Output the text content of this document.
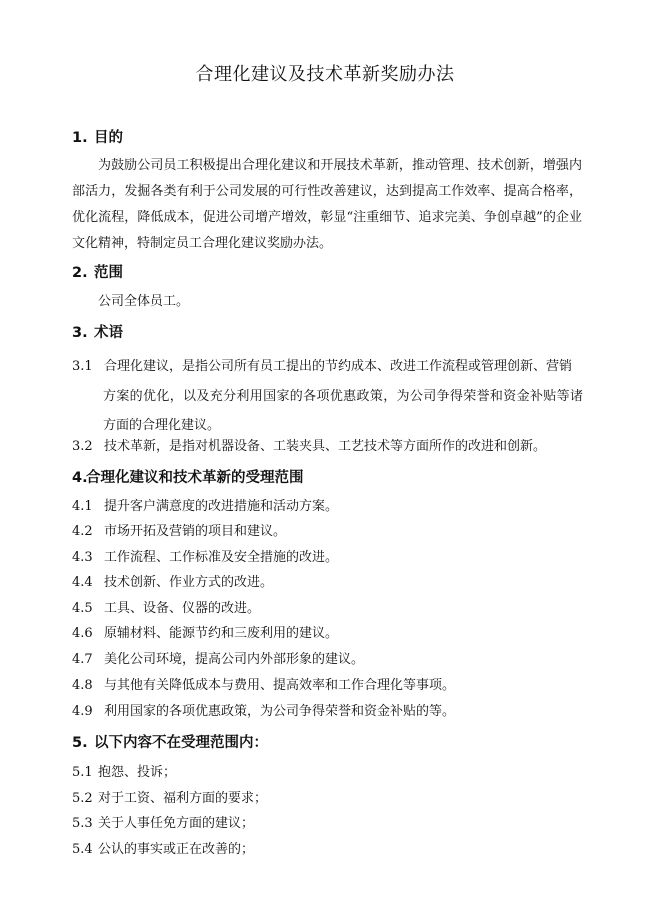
合理化建议及技术革新奖励办法
1. 目的
为鼓励公司员工积极提出合理化建议和开展技术革新，推动管理、技术创新，增强内部活力，发掘各类有利于公司发展的可行性改善建议，达到提高工作效率、提高合格率，优化流程，降低成本，促进公司增产增效，彰显“注重细节、追求完美、争创卓越”的企业文化精神，特制定员工合理化建议奖励办法。
2. 范围
公司全体员工。
3. 术语
3.1 合理化建议，是指公司所有员工提出的节约成本、改进工作流程或管理创新、营销
方案的优化，以及充分利用国家的各项优惠政策，为公司争得荣誉和资金补贴等诸方面的合理化建议。
3.2 技术革新，是指对机器设备、工装夹具、工艺技术等方面所作的改进和创新。
4.合理化建议和技术革新的受理范围
4.1 提升客户满意度的改进措施和活动方案。
4.2 市场开拓及营销的项目和建议。
4.3 工作流程、工作标准及安全措施的改进。
4.4 技术创新、作业方式的改进。
4.5 工具、设备、仪器的改进。
4.6 原辅材料、能源节约和三废利用的建议。
4.7 美化公司环境，提高公司内外部形象的建议。
4.8 与其他有关降低成本与费用、提高效率和工作合理化等事项。
4.9 利用国家的各项优惠政策，为公司争得荣誉和资金补贴的等。
5. 以下内容不在受理范围内：
5.1 抱怨、投诉；
5.2 对于工资、福利方面的要求；
5.3 关于人事任免方面的建议；
5.4 公认的事实或正在改善的；
